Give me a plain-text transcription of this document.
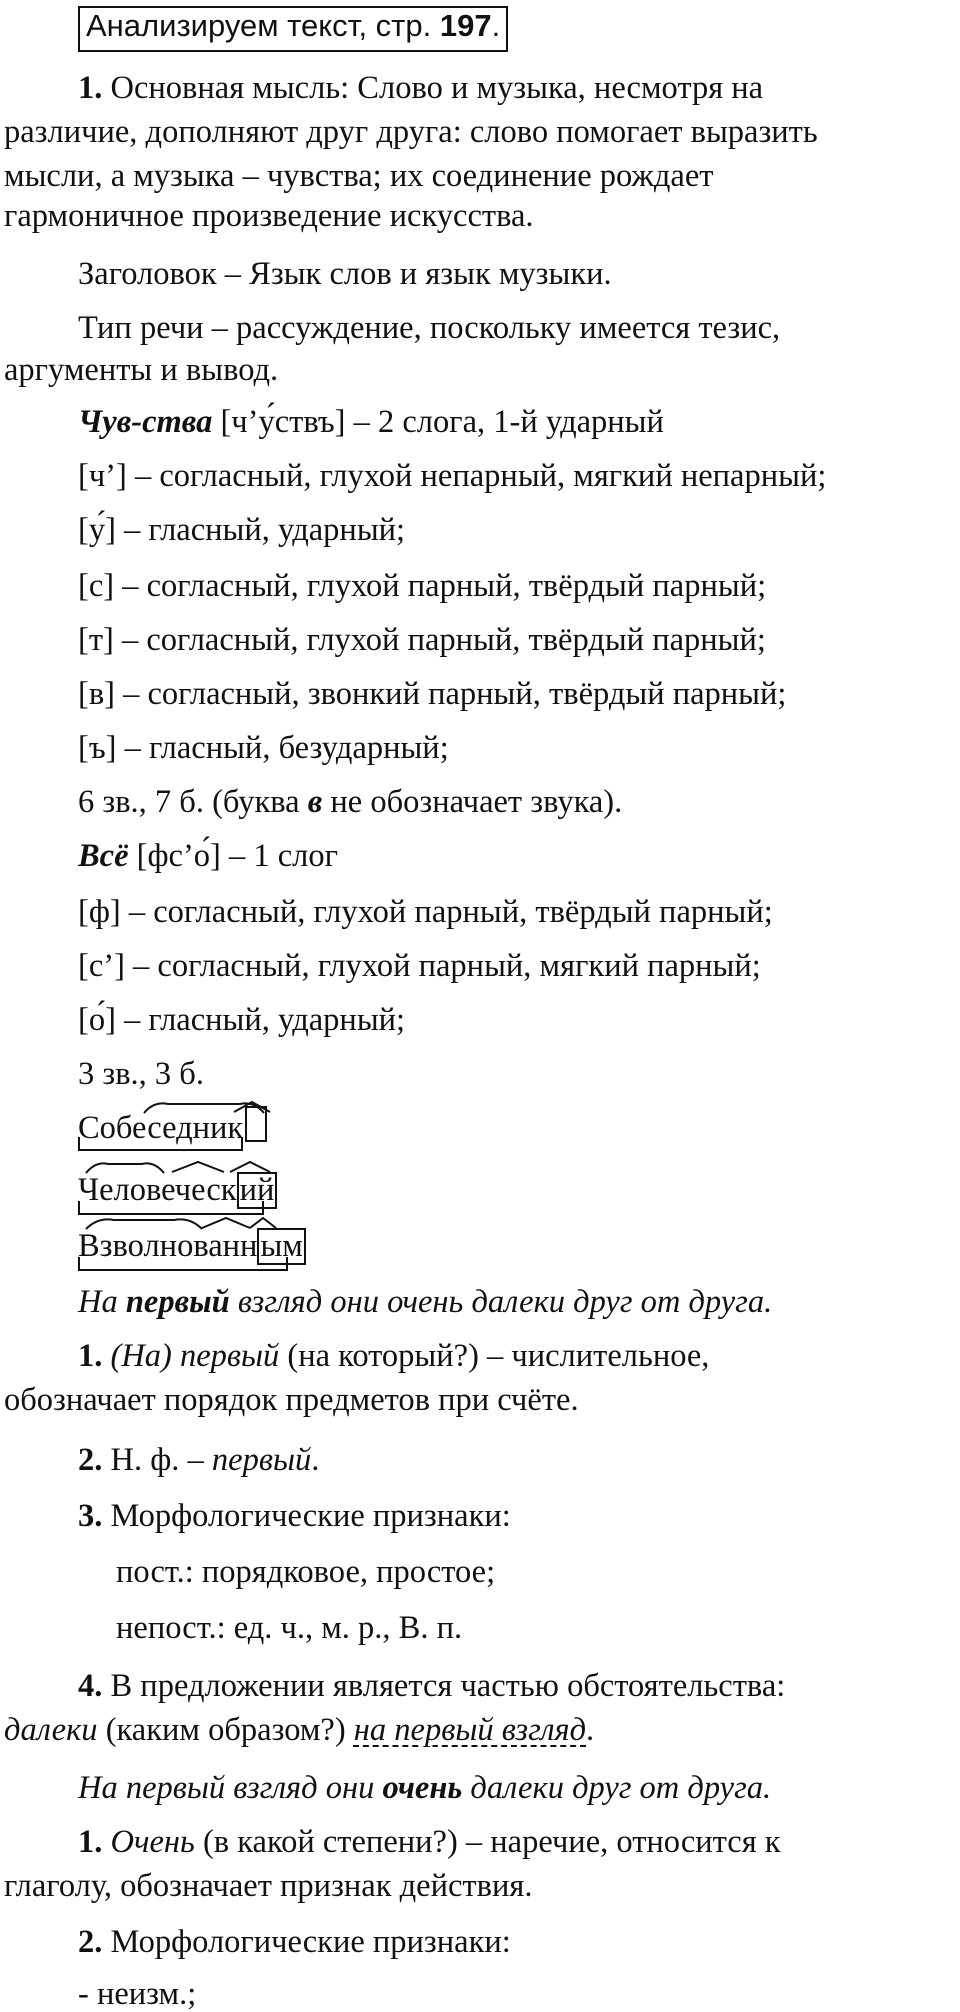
Анализируем текст, стр. 197.
1. Основная мысль: Слово и музыка, несмотря на
различие, дополняют друг друга: слово помогает выразить
мысли, а музыка – чувства; их соединение рождает
гармоничное произведение искусства.
Заголовок – Язык слов и язык музыки.
Тип речи – рассуждение, поскольку имеется тезис,
аргументы и вывод.
Чув-ства [ч’у́ствъ] – 2 слога, 1-й ударный
[ч’] – согласный, глухой непарный, мягкий непарный;
[у́] – гласный, ударный;
[с] – согласный, глухой парный, твёрдый парный;
[т] – согласный, глухой парный, твёрдый парный;
[в] – согласный, звонкий парный, твёрдый парный;
[ъ] – гласный, безударный;
6 зв., 7 б. (буква в не обозначает звука).
Всё [фс’о́] – 1 слог
[ф] – согласный, глухой парный, твёрдый парный;
[с’] – согласный, глухой парный, мягкий парный;
[о́] – гласный, ударный;
3 зв., 3 б.
Собеседник
Человеческий
Взволнованным
На первый взгляд они очень далеки друг от друга.
1. (На) первый (на который?) – числительное,
обозначает порядок предметов при счёте.
2. Н. ф. – первый.
3. Морфологические признаки:
пост.: порядковое, простое;
непост.: ед. ч., м. р., В. п.
4. В предложении является частью обстоятельства:
далеки (каким образом?) на первый взгляд.
На первый взгляд они очень далеки друг от друга.
1. Очень (в какой степени?) – наречие, относится к
глаголу, обозначает признак действия.
2. Морфологические признаки:
- неизм.;
